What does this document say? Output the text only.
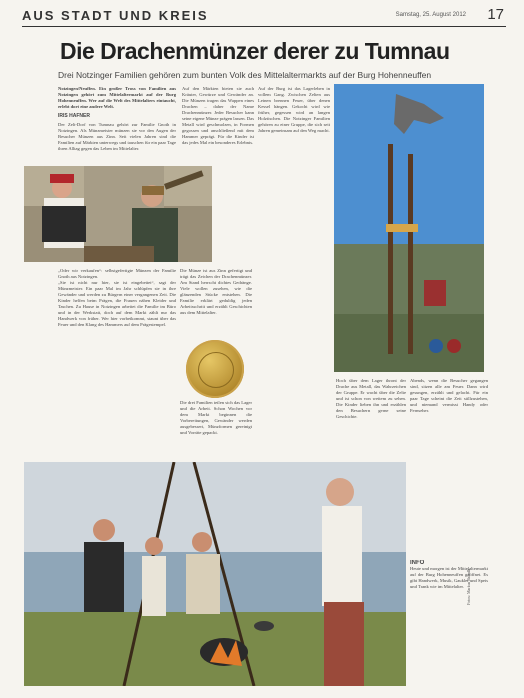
AUS STADT UND KREIS	Samstag, 25. August 2012 17
Die Drachenmünzer derer zu Tumnau
Drei Notzinger Familien gehören zum bunten Volk des Mittelaltermarkts auf der Burg Hohenneuffen
Notzingen/Neuffen. Ein großer Tross von Familien aus Notzingen gehört zum Mittelaltermarkt auf der Burg Hohenneuffen. Wer auf die Welt des Mittelalters eintaucht, erlebt dort eine andere Welt.
IRIS HAFNER
Der Zelt-Dorf von Tumnau gehört zur Familie Gnoth in Notzingen. Als Münzmeister münzen sie vor den Augen der Besucher Münzen aus Zinn. Seit vielen Jahren sind die Familien auf Märkten unterwegs und tauschen für ein paar Tage ihren Alltag gegen das Leben im Mittelalter.
„Oder wir verkaufen“: selbstgefertigte Münzen der Familie Gnoth aus Notzingen.
„Sie ist nicht nur hier, sie ist eingebettet“, sagt der Münzmeister. Ein paar Mal im Jahr schlüpfen sie in ihre Gewänder und werden zu Bürgern einer vergangenen Zeit. Die Kinder helfen beim Prägen, die Frauen nähen Kleider und Taschen. Zu Hause in Notzingen arbeitet die Familie im Büro und in der Werkstatt, doch auf dem Markt zählt nur das Handwerk von früher. Wer hier vorbeikommt, staunt über das Feuer und den Klang des Hammers auf dem Prägestempel.
Auf den Märkten bieten sie auch Kräuter, Gewürze und Gewänder an. Die Münzen tragen das Wappen eines Drachen – daher der Name Drachenmünzer. Jeder Besucher kann seine eigene Münze prägen lassen. Das Metall wird geschmolzen, in Formen gegossen und anschließend mit dem Hammer geprägt. Für die Kinder ist das jedes Mal ein besonderes Erlebnis.
Die Münze ist aus Zinn gefertigt und trägt das Zeichen der Drachenmünzer. Am Stand herrscht dichtes Gedränge. Viele wollen zusehen, wie die glänzenden Stücke entstehen. Die Familie erklärt geduldig jeden Arbeitsschritt und erzählt Geschichten aus dem Mittelalter.
Die drei Familien teilen sich das Lager und die Arbeit. Schon Wochen vor dem Markt beginnen die Vorbereitungen, Gewänder werden ausgebessert, Münzformen gereinigt und Vorräte gepackt.
Auf der Burg ist das Lagerleben in vollem Gang. Zwischen Zelten aus Leinen brennen Feuer, über denen Kessel hängen. Gekocht wird wie früher, gegessen wird an langen Holztischen. Die Notzinger Familien gehören zu einer Gruppe, die sich seit Jahren gemeinsam auf den Weg macht.
Hoch über dem Lager thront der Drache aus Metall, das Wahrzeichen der Gruppe. Er wacht über die Zelte und ist schon von weitem zu sehen. Die Kinder lieben ihn und erzählen den Besuchern gerne seine Geschichte.
Abends, wenn die Besucher gegangen sind, sitzen alle am Feuer. Dann wird gesungen, erzählt und gelacht. Für ein paar Tage scheint die Zeit stillzustehen, und niemand vermisst Handy oder Fernseher.
INFO
Heute und morgen ist der Mittelaltermarkt auf der Burg Hohenneuffen geöffnet. Es gibt Handwerk, Musik, Gaukler und Speis und Trank wie im Mittelalter. Fotos: Markus Brändli
